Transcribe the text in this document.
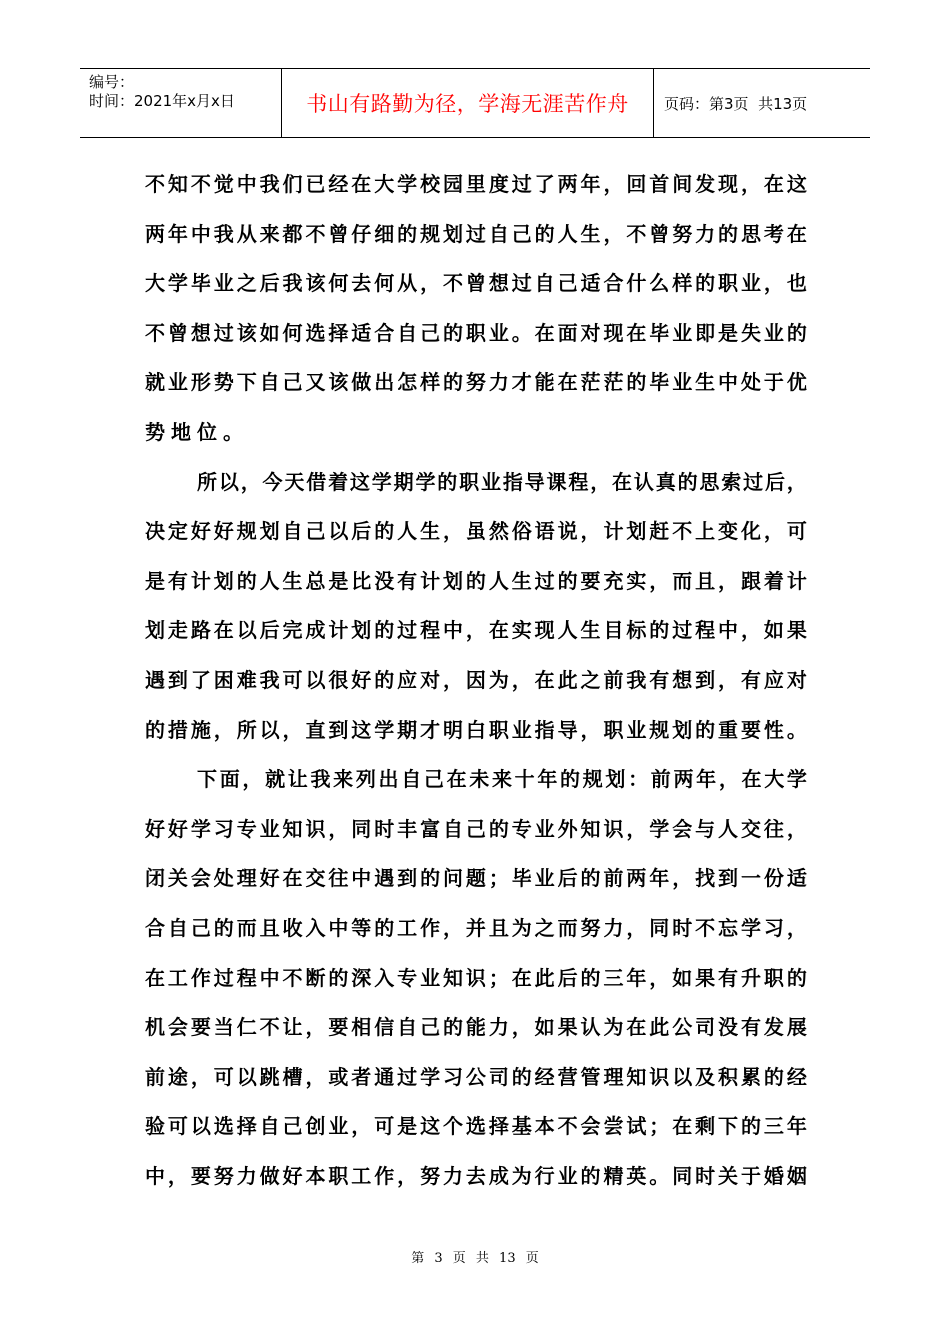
编号：
时间：2021年x月x日	书山有路勤为径，学海无涯苦作舟	页码：第3页  共13页
不 知 不 觉 中 我 们 已 经 在 大 学 校 园 里 度 过 了 两 年 ， 回 首 间 发 现 ， 在 这
两 年 中 我 从 来 都 不 曾 仔 细 的 规 划 过 自 己 的 人 生 ， 不 曾 努 力 的 思 考 在
大 学 毕 业 之 后 我 该 何 去 何 从 ， 不 曾 想 过 自 己 适 合 什 么 样 的 职 业 ， 也
不 曾 想 过 该 如 何 选 择 适 合 自 己 的 职 业 。 在 面 对 现 在 毕 业 即 是 失 业 的
就 业 形 势 下 自 己 又 该 做 出 怎 样 的 努 力 才 能 在 茫 茫 的 毕 业 生 中 处 于 优
势 地 位 。
所 以 ， 今 天 借 着 这 学 期 学 的 职 业 指 导 课 程 ， 在 认 真 的 思 索 过 后 ，
决 定 好 好 规 划 自 己 以 后 的 人 生 ， 虽 然 俗 语 说 ， 计 划 赶 不 上 变 化 ， 可
是 有 计 划 的 人 生 总 是 比 没 有 计 划 的 人 生 过 的 要 充 实 ， 而 且 ， 跟 着 计
划 走 路 在 以 后 完 成 计 划 的 过 程 中 ， 在 实 现 人 生 目 标 的 过 程 中 ， 如 果
遇 到 了 困 难 我 可 以 很 好 的 应 对 ， 因 为 ， 在 此 之 前 我 有 想 到 ， 有 应 对
的 措 施 ， 所 以 ， 直 到 这 学 期 才 明 白 职 业 指 导 ， 职 业 规 划 的 重 要 性 。
下 面 ， 就 让 我 来 列 出 自 己 在 未 来 十 年 的 规 划 ： 前 两 年 ， 在 大 学
好 好 学 习 专 业 知 识 ， 同 时 丰 富 自 己 的 专 业 外 知 识 ， 学 会 与 人 交 往 ，
闭 关 会 处 理 好 在 交 往 中 遇 到 的 问 题 ； 毕 业 后 的 前 两 年 ， 找 到 一 份 适
合 自 己 的 而 且 收 入 中 等 的 工 作 ， 并 且 为 之 而 努 力 ， 同 时 不 忘 学 习 ，
在 工 作 过 程 中 不 断 的 深 入 专 业 知 识 ； 在 此 后 的 三 年 ， 如 果 有 升 职 的
机 会 要 当 仁 不 让 ， 要 相 信 自 己 的 能 力 ， 如 果 认 为 在 此 公 司 没 有 发 展
前 途 ， 可 以 跳 槽 ， 或 者 通 过 学 习 公 司 的 经 营 管 理 知 识 以 及 积 累 的 经
验 可 以 选 择 自 己 创 业 ， 可 是 这 个 选 择 基 本 不 会 尝 试 ； 在 剩 下 的 三 年
中 ， 要 努 力 做 好 本 职 工 作 ， 努 力 去 成 为 行 业 的 精 英 。 同 时 关 于 婚 姻
第 3 页 共 13 页
